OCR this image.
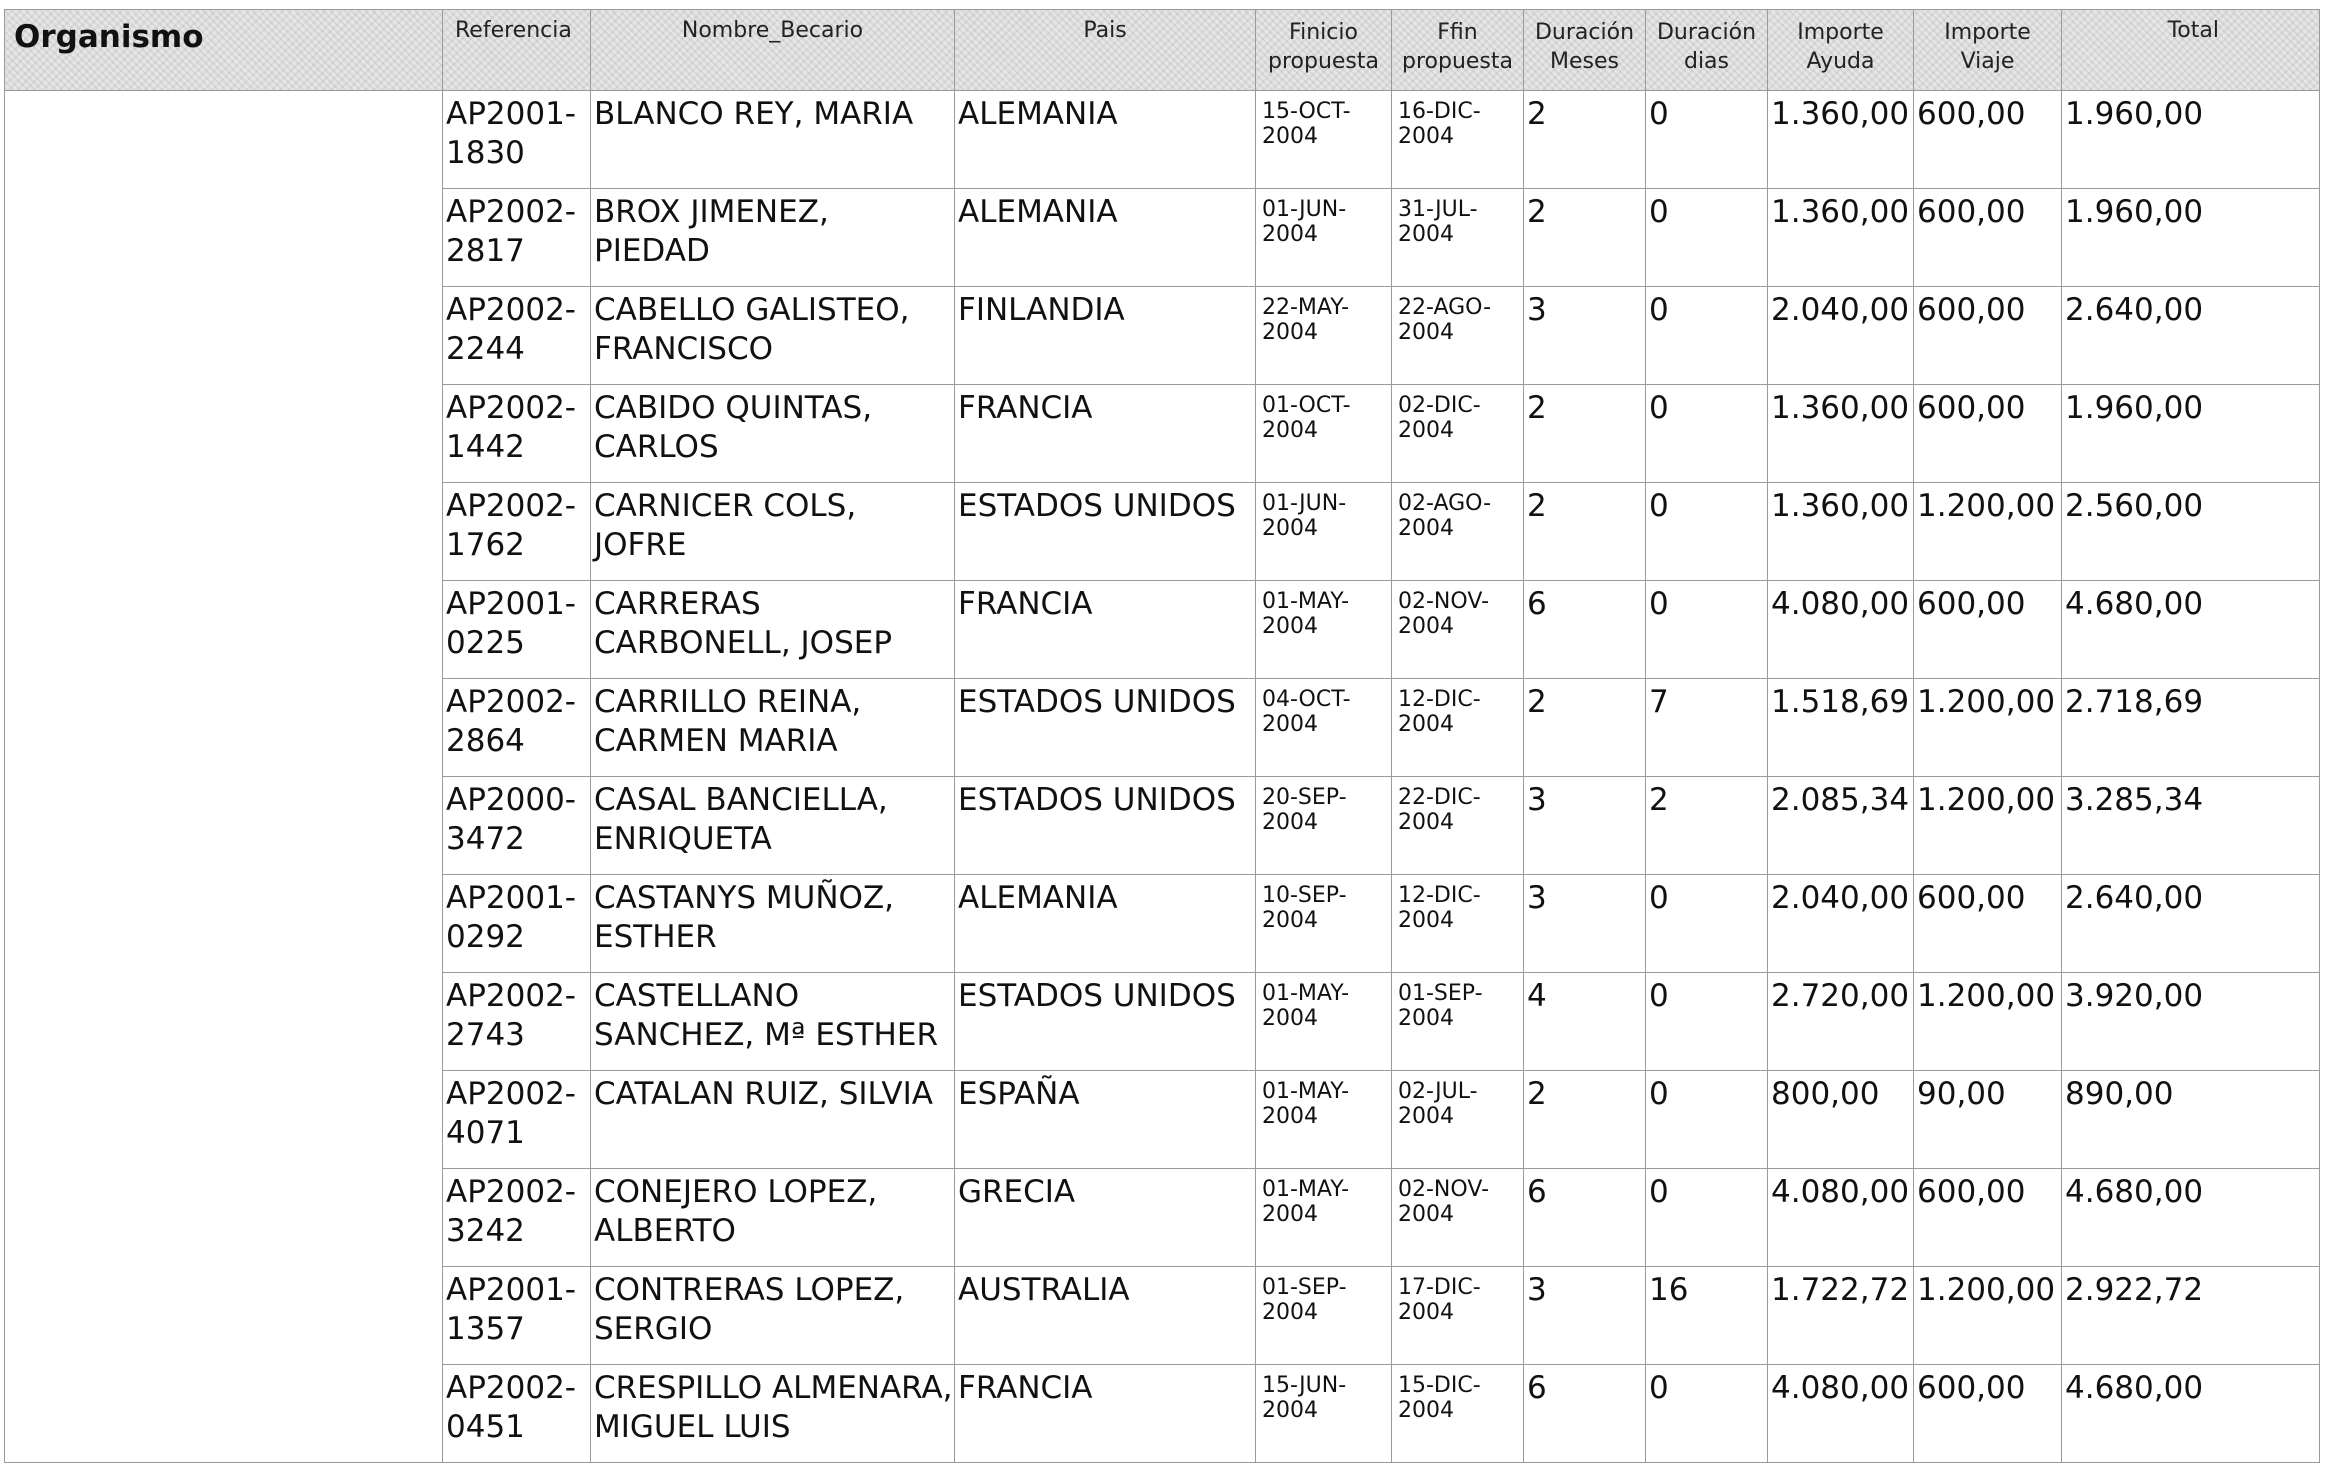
Organismo	Referencia	Nombre_Becario	Pais	Finicio propuesta	Ffin propuesta	Duración Meses	Duración dias	Importe Ayuda	Importe Viaje	Total

	AP2001-1830	BLANCO REY, MARIA	ALEMANIA	15-OCT-2004	16-DIC-2004	2	0	1.360,00	600,00	1.960,00

	AP2002-2817	BROX JIMENEZ, PIEDAD	ALEMANIA	01-JUN-2004	31-JUL-2004	2	0	1.360,00	600,00	1.960,00

	AP2002-2244	CABELLO GALISTEO, FRANCISCO	FINLANDIA	22-MAY-2004	22-AGO-2004	3	0	2.040,00	600,00	2.640,00

	AP2002-1442	CABIDO QUINTAS, CARLOS	FRANCIA	01-OCT-2004	02-DIC-2004	2	0	1.360,00	600,00	1.960,00

	AP2002-1762	CARNICER COLS, JOFRE	ESTADOS UNIDOS	01-JUN-2004	02-AGO-2004	2	0	1.360,00	1.200,00	2.560,00

	AP2001-0225	CARRERAS CARBONELL, JOSEP	FRANCIA	01-MAY-2004	02-NOV-2004	6	0	4.080,00	600,00	4.680,00

	AP2002-2864	CARRILLO REINA, CARMEN MARIA	ESTADOS UNIDOS	04-OCT-2004	12-DIC-2004	2	7	1.518,69	1.200,00	2.718,69

	AP2000-3472	CASAL BANCIELLA, ENRIQUETA	ESTADOS UNIDOS	20-SEP-2004	22-DIC-2004	3	2	2.085,34	1.200,00	3.285,34

	AP2001-0292	CASTANYS MUÑOZ, ESTHER	ALEMANIA	10-SEP-2004	12-DIC-2004	3	0	2.040,00	600,00	2.640,00

	AP2002-2743	CASTELLANO SANCHEZ, Mª ESTHER	ESTADOS UNIDOS	01-MAY-2004	01-SEP-2004	4	0	2.720,00	1.200,00	3.920,00

	AP2002-4071	CATALAN RUIZ, SILVIA	ESPAÑA	01-MAY-2004	02-JUL-2004	2	0	800,00	90,00	890,00

	AP2002-3242	CONEJERO LOPEZ, ALBERTO	GRECIA	01-MAY-2004	02-NOV-2004	6	0	4.080,00	600,00	4.680,00

	AP2001-1357	CONTRERAS LOPEZ, SERGIO	AUSTRALIA	01-SEP-2004	17-DIC-2004	3	16	1.722,72	1.200,00	2.922,72

	AP2002-0451	CRESPILLO ALMENARA, MIGUEL LUIS	FRANCIA	15-JUN-2004	15-DIC-2004	6	0	4.080,00	600,00	4.680,00
